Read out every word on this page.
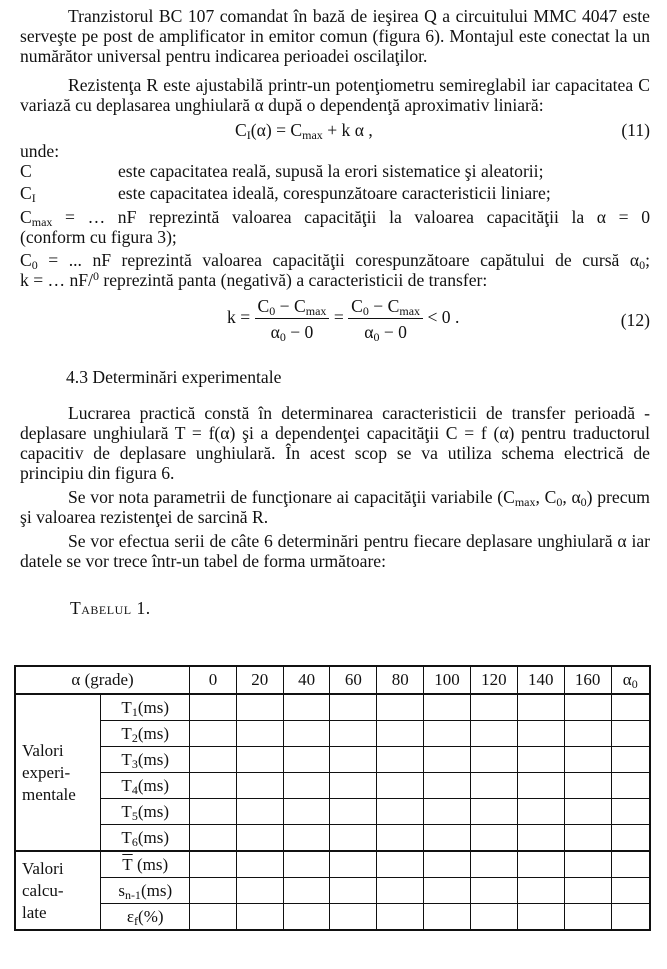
Tranzistorul BC 107 comandat în bază de ieşirea Q a circuitului MMC 4047 este serveşte pe post de amplificator in emitor comun (figura 6). Montajul este conectat la un numărător universal pentru indicarea perioadei oscilaţilor.

Rezistenţa R este ajustabilă printr-un potenţiometru semireglabil iar capacitatea C variază cu deplasarea unghiulară α după o dependenţă aproximativ liniară:

$C_I(\alpha) = C_{max} + k$ α ,	(11)

unde:

C	este capacitatea reală, supusă la erori sistematice şi aleatorii;
$C_I$	este capacitatea ideală, corespunzătoare caracteristicii liniare;

$C_{max}$ = … nF reprezintă valoarea capacităţii la valoarea capacităţii la α = 0

(conform cu figura 3);

$C_0$ = ... nF reprezintă valoarea capacităţii corespunzătoare capătului de cursă $\alpha_0$;

k = … nF/$^0$ reprezintă panta (negativă) a caracteristicii de transfer:

$k = \frac{C_0 - C_{max}}{\alpha_0 - 0} = \frac{C_0 - C_{max}}{\alpha_0 - 0} < 0$ .	(12)

4.3 Determinări experimentale

Lucrarea practică constă în determinarea caracteristicii de transfer perioadă - deplasare unghiulară T = f(α) şi a dependenţei capacităţii C = f (α) pentru traductorul capacitiv de deplasare unghiulară. În acest scop se va utiliza schema electrică de principiu din figura 6.

Se vor nota parametrii de funcţionare ai capacităţii variabile ($C_{max}$, $C_0$, $\alpha_0$) precum şi valoarea rezistenţei de sarcină R.

Se vor efectua serii de câte 6 determinări pentru fiecare deplasare unghiulară α iar datele se vor trece într-un tabel de forma următoare:

Tabelul 1.

α (grade)		0	20	40	60	80	100	120	140	160	$\alpha_0$
Valori
experi-
mentale	$T_1(ms)$										
	$T_2(ms)$										
	$T_3(ms)$										
	$T_4(ms)$										
	$T_5(ms)$										
	$T_6(ms)$										
Valori
calcu-
late	$\overline{T}$ (ms)										
	$s_{n-1}(ms)$										
	$\varepsilon_f(\%)$										
